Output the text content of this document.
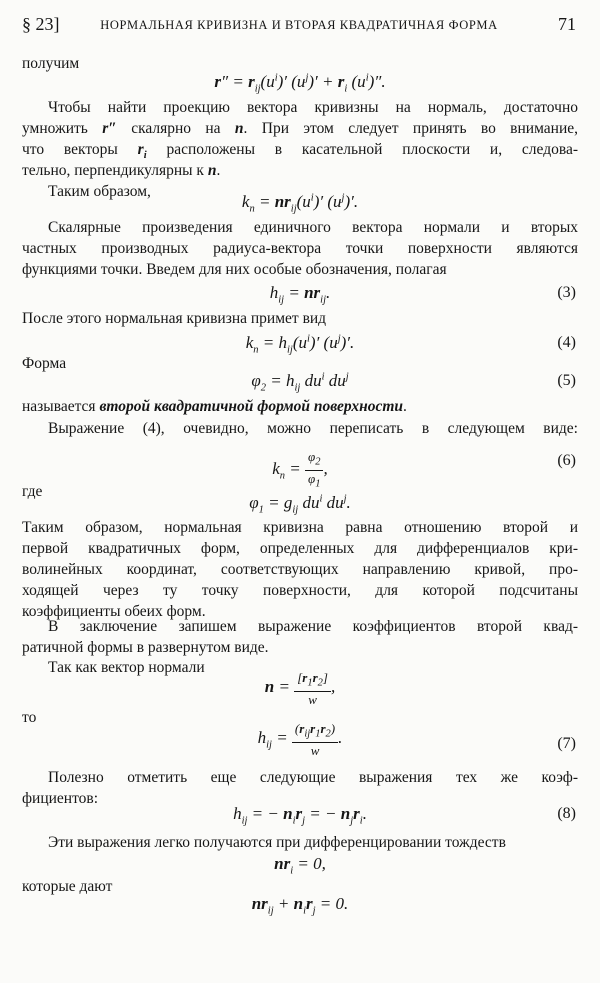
§ 23]	НОРМАЛЬНАЯ КРИВИЗНА И ВТОРАЯ КВАДРАТИЧНАЯ ФОРМА	71
получим
$r'' = r_{ij}(u^i)'$ $(u^j)' + r_i$ $(u^i)''$.
Чтобы найти проекцию вектора кривизны на нормаль, достаточно
умножить r″ скалярно на n. При этом следует принять во внимание,
что векторы $r_i$ расположены в касательной плоскости и, следова-
тельно, перпендикулярны к n.
Таким образом,
$k_n = nr_{ij}(u^i)'$ $(u^j)'$.
Скалярные произведения единичного вектора нормали и вторых
частных производных радиуса-вектора точки поверхности являются
функциями точки. Введем для них особые обозначения, полагая
$h_{ij} = nr_{ij}$.	(3)
После этого нормальная кривизна примет вид
$k_n = h_{ij}(u^i)'$ $(u^j)'$.	(4)
Форма
$\varphi_2 = h_{ij}$ $du^i$ $du^j$	(5)
называется второй квадратичной формой поверхности.
Выражение (4), очевидно, можно переписать в следующем виде:
$k_n = \frac{\varphi_2}{\varphi_1}$ ,	(6)
где
$\varphi_1 = g_{ij}$ $du^i$ $du^j$.
Таким образом, нормальная кривизна равна отношению второй и
первой квадратичных форм, определенных для дифференциалов кри-
волинейных координат, соответствующих направлению кривой, про-
ходящей через ту точку поверхности, для которой подсчитаны
коэффициенты обеих форм.
В заключение запишем выражение коэффициентов второй квад-
ратичной формы в развернутом виде.
Так как вектор нормали
$n = \frac{[r_1r_2]}{w}$ ,
то
$h_{ij} = \frac{(r_{ij}r_1r_2)}{w}$ .	(7)
Полезно отметить еще следующие выражения тех же коэф-
фициентов:
$h_{ij}$ = − $n_ir_j$ = − $n_jr_i$.	(8)
Эти выражения легко получаются при дифференцировании тождеств
$nr_i = 0$,
которые дают
$nr_{ij} + n_ir_j = 0$.
